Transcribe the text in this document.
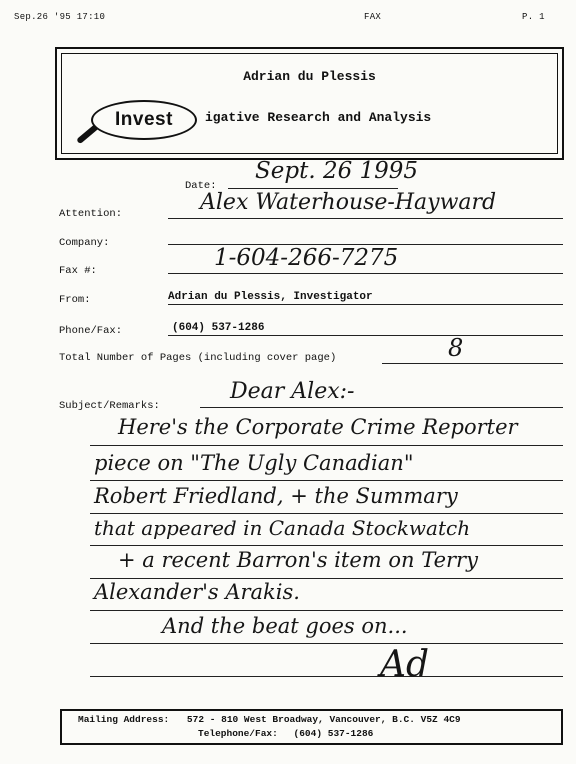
Sep.26 '95 17:10	FAX	P. 1
Adrian du Plessis
igative Research and Analysis
Invest
Date:
Sept. 26 1995
Attention:	Alex Waterhouse-Hayward
Company:
Fax #:	1-604-266-7275
From:	Adrian du Plessis, Investigator
Phone/Fax:	(604) 537-1286
Total Number of Pages (including cover page)	8
Subject/Remarks:
Dear Alex:-
Here's the Corporate Crime Reporter
piece on "The Ugly Canadian"
Robert Friedland, + the Summary
that appeared in Canada Stockwatch
+ a recent Barron's item on Terry
Alexander's Arakis.
And the beat goes on...
Ad
Mailing Address: 572 - 810 West Broadway, Vancouver, B.C. V5Z 4C9
Telephone/Fax: (604) 537-1286
